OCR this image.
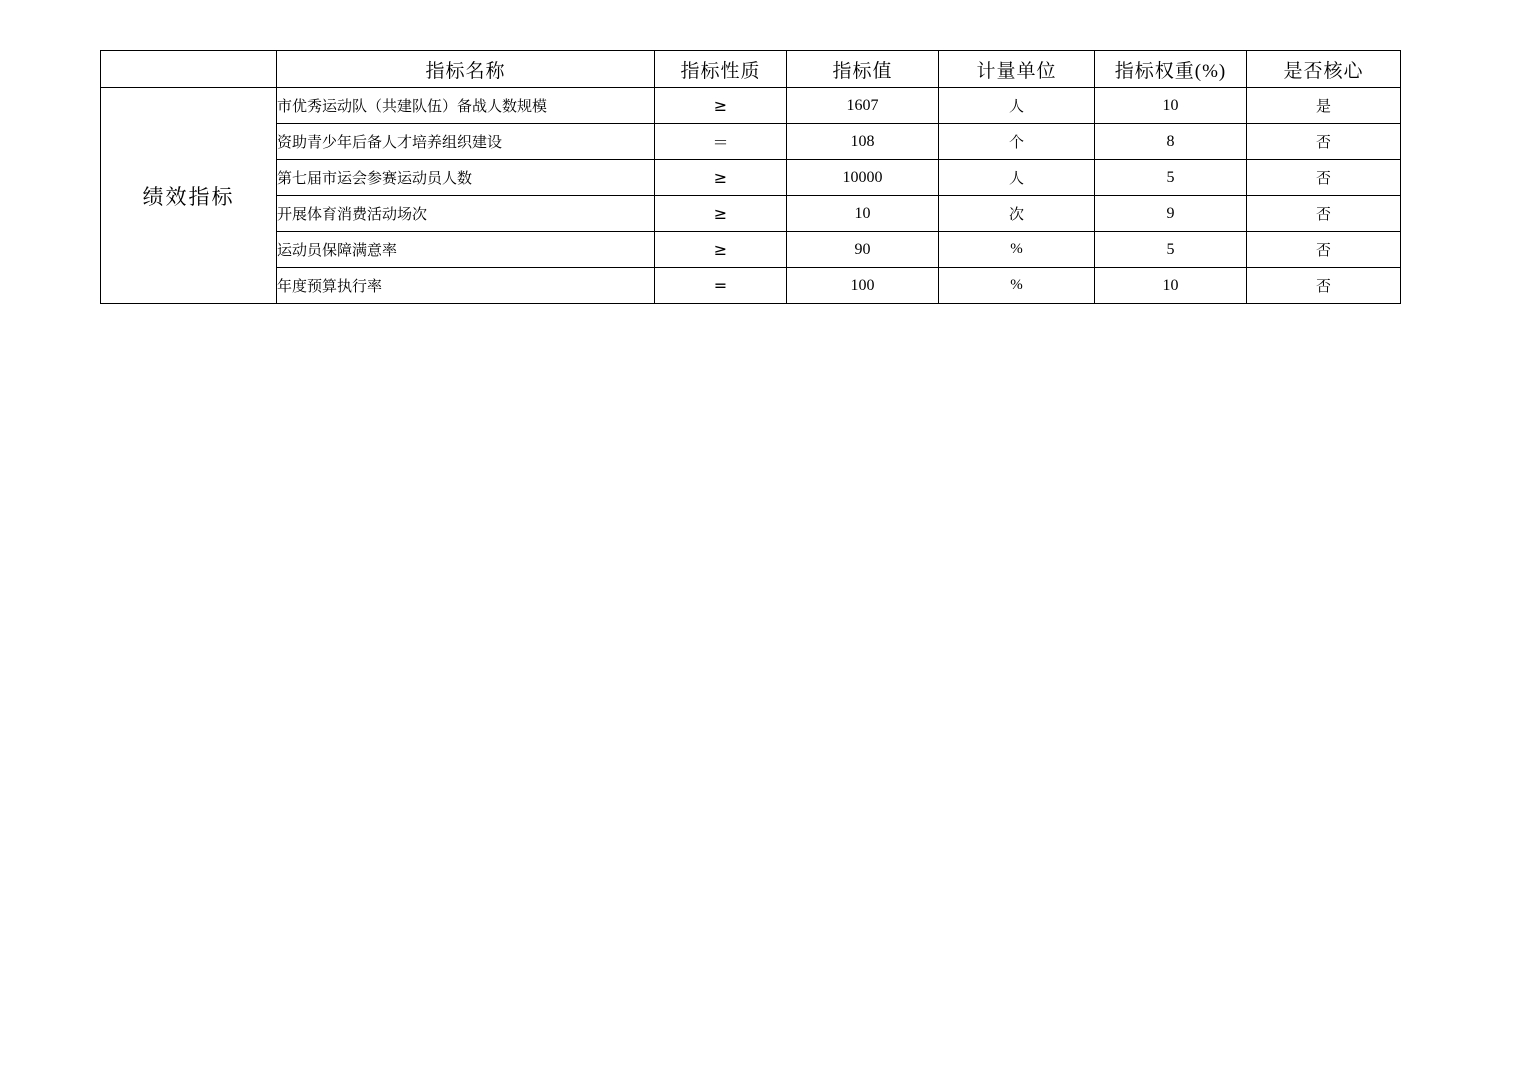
	指标名称	指标性质	指标值	计量单位	指标权重(%)	是否核心
绩效指标	市优秀运动队（共建队伍）备战人数规模	≥	1607	人	10	是
	资助青少年后备人才培养组织建设	＝	108	个	8	否
	第七届市运会参赛运动员人数	≥	10000	人	5	否
	开展体育消费活动场次	≥	10	次	9	否
	运动员保障满意率	≥	90	%	5	否
	年度预算执行率	=	100	%	10	否
